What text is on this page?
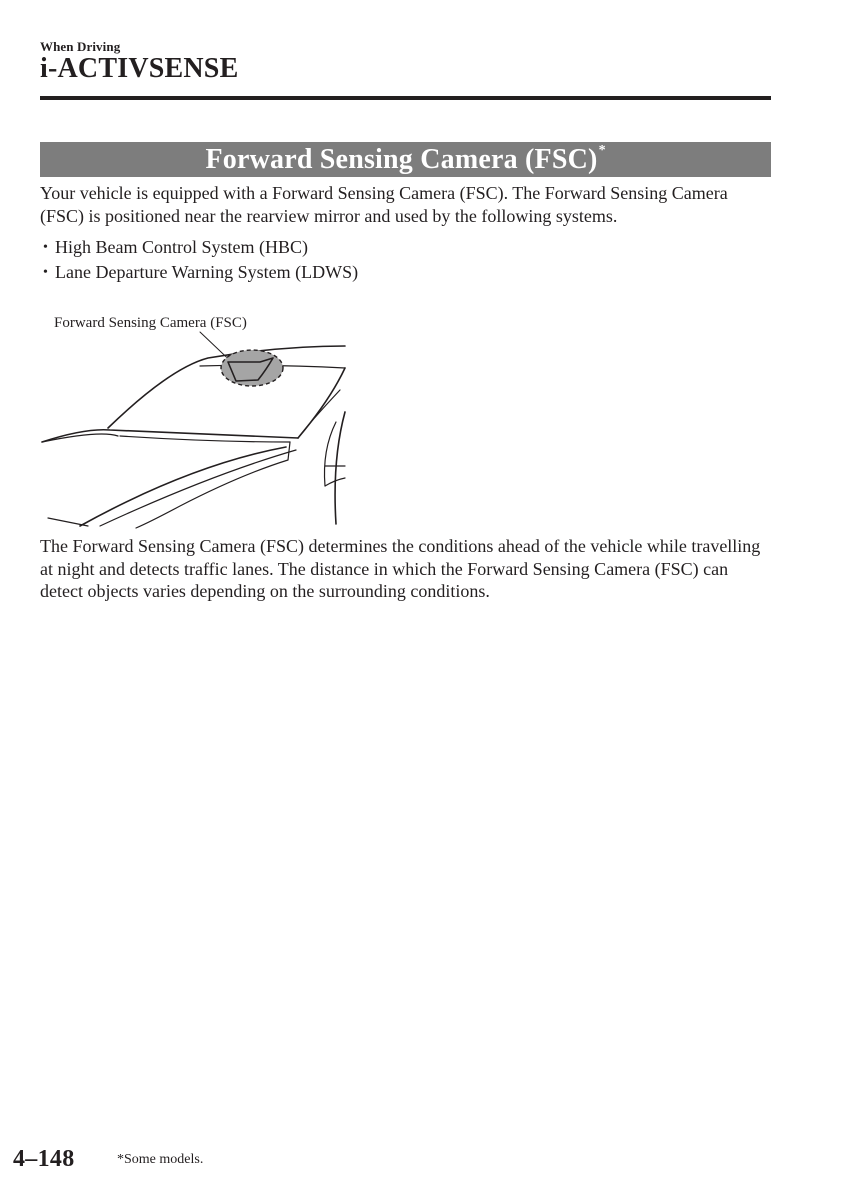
When Driving
i-ACTIVSENSE
Forward Sensing Camera (FSC)*
Your vehicle is equipped with a Forward Sensing Camera (FSC). The Forward Sensing Camera (FSC) is positioned near the rearview mirror and used by the following systems.
• High Beam Control System (HBC)
• Lane Departure Warning System (LDWS)
Forward Sensing Camera (FSC)
The Forward Sensing Camera (FSC) determines the conditions ahead of the vehicle while travelling at night and detects traffic lanes. The distance in which the Forward Sensing Camera (FSC) can detect objects varies depending on the surrounding conditions.
4–148	*Some models.
